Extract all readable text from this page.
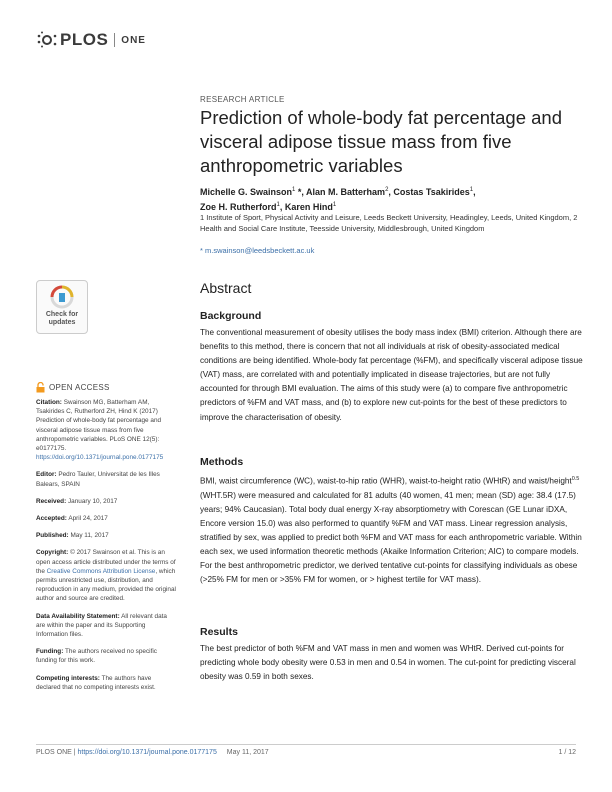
PLOS ONE
RESEARCH ARTICLE
Prediction of whole-body fat percentage and visceral adipose tissue mass from five anthropometric variables
Michelle G. Swainson$^1$ *, Alan M. Batterham$^2$, Costas Tsakirides$^1$,
Zoe H. Rutherford$^1$, Karen Hind$^1$
1 Institute of Sport, Physical Activity and Leisure, Leeds Beckett University, Headingley, Leeds, United Kingdom, 2 Health and Social Care Institute, Teesside University, Middlesbrough, United Kingdom
* m.swainson@leedsbeckett.ac.uk
Check for
updates
OPEN ACCESS

Citation: Swainson MG, Batterham AM, Tsakirides C, Rutherford ZH, Hind K (2017) Prediction of whole-body fat percentage and visceral adipose tissue mass from five anthropometric variables. PLoS ONE 12(5): e0177175. https://doi.org/10.1371/journal.pone.0177175

Editor: Pedro Tauler, Universitat de les Illes Balears, SPAIN

Received: January 10, 2017

Accepted: April 24, 2017

Published: May 11, 2017

Copyright: © 2017 Swainson et al. This is an open access article distributed under the terms of the Creative Commons Attribution License, which permits unrestricted use, distribution, and reproduction in any medium, provided the original author and source are credited.

Data Availability Statement: All relevant data are within the paper and its Supporting Information files.

Funding: The authors received no specific funding for this work.

Competing interests: The authors have declared that no competing interests exist.

Abstract
Background

The conventional measurement of obesity utilises the body mass index (BMI) criterion. Although there are benefits to this method, there is concern that not all individuals at risk of obesity-associated medical conditions are being identified. Whole-body fat percentage (%FM), and specifically visceral adipose tissue (VAT) mass, are correlated with and potentially implicated in disease trajectories, but are not fully accounted for through BMI evaluation. The aims of this study were (a) to compare five anthropometric predictors of %FM and VAT mass, and (b) to explore new cut-points for the best of these predictors to improve the characterisation of obesity.

Methods

BMI, waist circumference (WC), waist-to-hip ratio (WHR), waist-to-height ratio (WHtR) and waist/height$^{0.5}$ (WHT.5R) were measured and calculated for 81 adults (40 women, 41 men; mean (SD) age: 38.4 (17.5) years; 94% Caucasian). Total body dual energy X-ray absorptiometry with Corescan (GE Lunar iDXA, Encore version 15.0) was also performed to quantify %FM and VAT mass. Linear regression analysis, stratified by sex, was applied to predict both %FM and VAT mass for each anthropometric variable. Within each sex, we used information theoretic methods (Akaike Information Criterion; AIC) to compare models. For the best anthropometric predictor, we derived tentative cut-points for classifying individuals as obese (>25% FM for men or >35% FM for women, or > highest tertile for VAT mass).

Results

The best predictor of both %FM and VAT mass in men and women was WHtR. Derived cut-points for predicting whole body obesity were 0.53 in men and 0.54 in women. The cut-point for predicting visceral obesity was 0.59 in both sexes.

PLOS ONE | https://doi.org/10.1371/journal.pone.0177175 May 11, 2017	1 / 12
